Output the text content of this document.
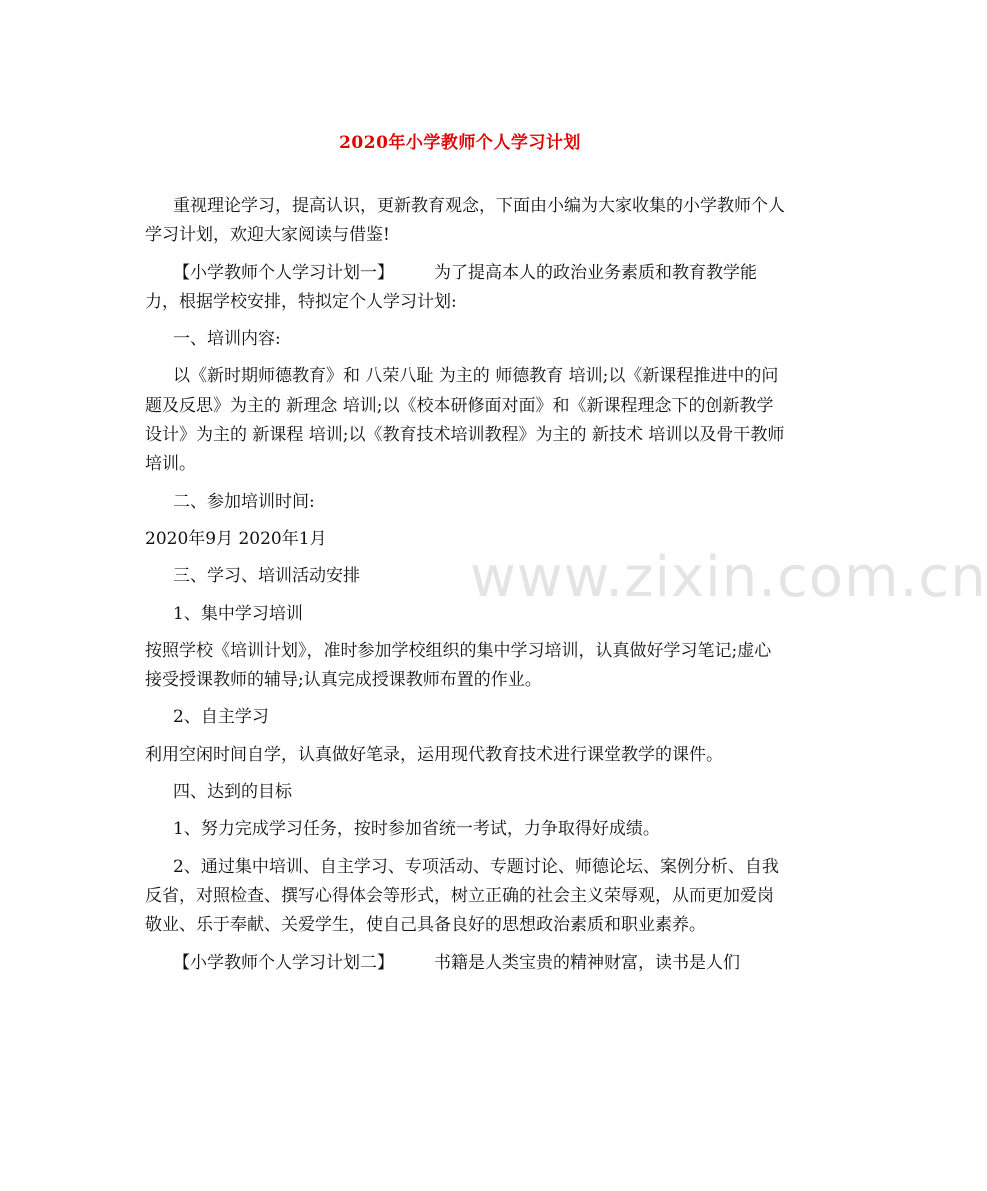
2020年小学教师个人学习计划
www.zixin.com.cn

重视理论学习，提高认识，更新教育观念，下面由小编为大家收集的小学教师个人学习计划，欢迎大家阅读与借鉴!

【小学教师个人学习计划一】 为了提高本人的政治业务素质和教育教学能力，根据学校安排，特拟定个人学习计划:

一、培训内容:

以《新时期师德教育》和 八荣八耻 为主的 师德教育 培训;以《新课程推进中的问题及反思》为主的 新理念 培训;以《校本研修面对面》和《新课程理念下的创新教学设计》为主的 新课程 培训;以《教育技术培训教程》为主的 新技术 培训以及骨干教师培训。

二、参加培训时间:

2020年9月 2020年1月

三、学习、培训活动安排

1、集中学习培训

按照学校《培训计划》，准时参加学校组织的集中学习培训，认真做好学习笔记;虚心接受授课教师的辅导;认真完成授课教师布置的作业。

2、自主学习

利用空闲时间自学，认真做好笔录，运用现代教育技术进行课堂教学的课件。

四、达到的目标

1、努力完成学习任务，按时参加省统一考试，力争取得好成绩。

2、通过集中培训、自主学习、专项活动、专题讨论、师德论坛、案例分析、自我反省，对照检查、撰写心得体会等形式，树立正确的社会主义荣辱观，从而更加爱岗敬业、乐于奉献、关爱学生，使自己具备良好的思想政治素质和职业素养。

【小学教师个人学习计划二】 书籍是人类宝贵的精神财富，读书是人们
